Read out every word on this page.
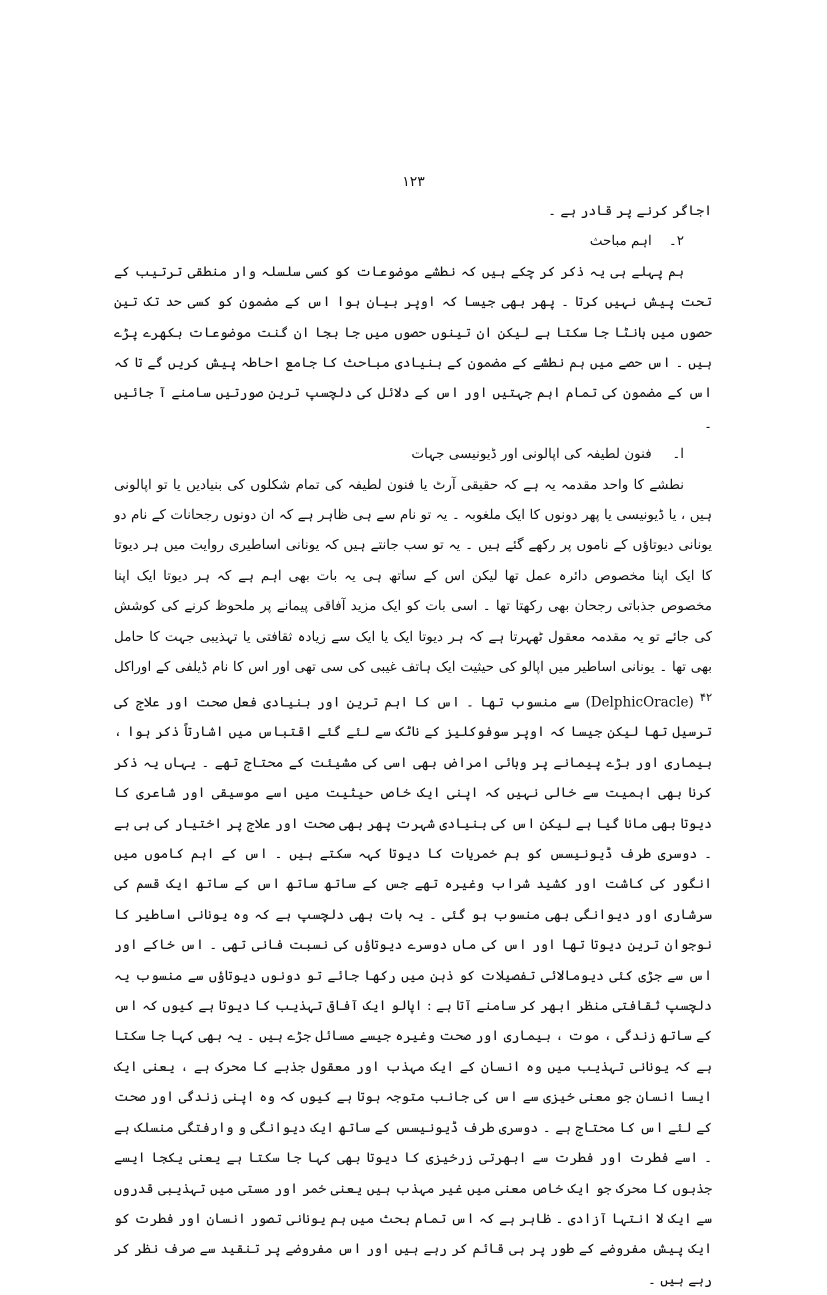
۱۲۳

اجاگر کرنے پر قادر ہے ۔

۲۔ اہم مباحث

ہم پہلے ہی یہ ذکر کر چکے ہیں کہ نطشے موضوعات کو کسی سلسلہ وار منطقی ترتیب کے تحت پیش نہیں کرتا ۔ پھر بھی جیسا کہ اوپر بیان ہوا اس کے مضمون کو کسی حد تک تین حصوں میں بانٹا جا سکتا ہے لیکن ان تینوں حصوں میں جا بجا ان گنت موضوعات بکھرے پڑے ہیں ۔ اس حصے میں ہم نطشے کے مضمون کے بنیادی مباحث کا جامع احاطہ پیش کریں گے تا کہ اس کے مضمون کی تمام اہم جہتیں اور اس کے دلائل کی دلچسپ ترین صورتیں سامنے آ جائیں ۔

ا۔ فنون لطیفہ کی اپالونی اور ڈیونیسی جہات

نطشے کا واحد مقدمہ یہ ہے کہ حقیقی آرٹ یا فنون لطیفہ کی تمام شکلوں کی بنیادیں یا تو اپالونی ہیں ، یا ڈیونیسی یا پھر دونوں کا ایک ملغوبہ ۔ یہ تو نام سے ہی ظاہر ہے کہ ان دونوں رجحانات کے نام دو یونانی دیوتاؤں کے ناموں پر رکھے گئے ہیں ۔ یہ تو سب جانتے ہیں کہ یونانی اساطیری روایت میں ہر دیوتا کا ایک اپنا مخصوص دائرہ عمل تھا لیکن اس کے ساتھ ہی یہ بات بھی اہم ہے کہ ہر دیوتا ایک اپنا مخصوص جذباتی رجحان بھی رکھتا تھا ۔ اسی بات کو ایک مزید آفاقی پیمانے پر ملحوظ کرنے کی کوشش کی جائے تو یہ مقدمہ معقول ٹھہرتا ہے کہ ہر دیوتا ایک یا ایک سے زیادہ ثقافتی یا تہذیبی جہت کا حامل بھی تھا ۔ یونانی اساطیر میں اپالو کی حیثیت ایک ہاتف غیبی کی سی تھی اور اس کا نام ڈیلفی کے اوراکل (DelphicOracle) $^{۴۲}$ سے منسوب تھا ۔ اس کا اہم ترین اور بنیادی فعل صحت اور علاج کی ترسیل تھا لیکن جیسا کہ اوپر سوفوکلیز کے ناٹک سے لئے گئے اقتباس میں اشارتاً ذکر ہوا ، بیماری اور بڑے پیمانے پر وبائی امراض بھی اسی کی مشیئت کے محتاج تھے ۔ یہاں یہ ذکر کرنا بھی اہمیت سے خالی نہیں کہ اپنی ایک خاص حیثیت میں اسے موسیقی اور شاعری کا دیوتا بھی مانا گیا ہے لیکن اس کی بنیادی شہرت پھر بھی صحت اور علاج پر اختیار کی ہی ہے ۔ دوسری طرف ڈیونیسس کو ہم خمریات کا دیوتا کہہ سکتے ہیں ۔ اس کے اہم کاموں میں انگور کی کاشت اور کشید شراب وغیرہ تھے جس کے ساتھ ساتھ اس کے ساتھ ایک قسم کی سرشاری اور دیوانگی بھی منسوب ہو گئی ۔ یہ بات بھی دلچسپ ہے کہ وہ یونانی اساطیر کا نوجوان ترین دیوتا تھا اور اس کی ماں دوسرے دیوتاؤں کی نسبت فانی تھی ۔ اس خاکے اور اس سے جڑی کئی دیومالائی تفصیلات کو ذہن میں رکھا جائے تو دونوں دیوتاؤں سے منسوب یہ دلچسپ ثقافتی منظر ابھر کر سامنے آتا ہے : اپالو ایک آفاقی تہذیب کا دیوتا ہے کیوں کہ اس کے ساتھ زندگی ، موت ، بیماری اور صحت وغیرہ جیسے مسائل جڑے ہیں ۔ یہ بھی کہا جا سکتا ہے کہ یونانی تہذیب میں وہ انسان کے ایک مہذب اور معقول جذبے کا محرک ہے ، یعنی ایک ایسا انسان جو معنی خیزی سے اس کی جانب متوجہ ہوتا ہے کیوں کہ وہ اپنی زندگی اور صحت کے لئے اس کا محتاج ہے ۔ دوسری طرف ڈیونیسس کے ساتھ ایک دیوانگی و وارفتگی منسلک ہے ۔ اسے فطرت اور فطرت سے ابھرتی زرخیزی کا دیوتا بھی کہا جا سکتا ہے یعنی یکجا ایسے جذبوں کا محرک جو ایک خاص معنی میں غیر مہذب ہیں یعنی خمر اور مستی میں تہذیبی قدروں سے ایک لا انتہا آزادی ۔ ظاہر ہے کہ اس تمام بحث میں ہم یونانی تصور انسان اور فطرت کو ایک پیش مفروضے کے طور پر ہی قائم کر رہے ہیں اور اس مفروضے پر تنقید سے صرف نظر کر رہے ہیں ۔
